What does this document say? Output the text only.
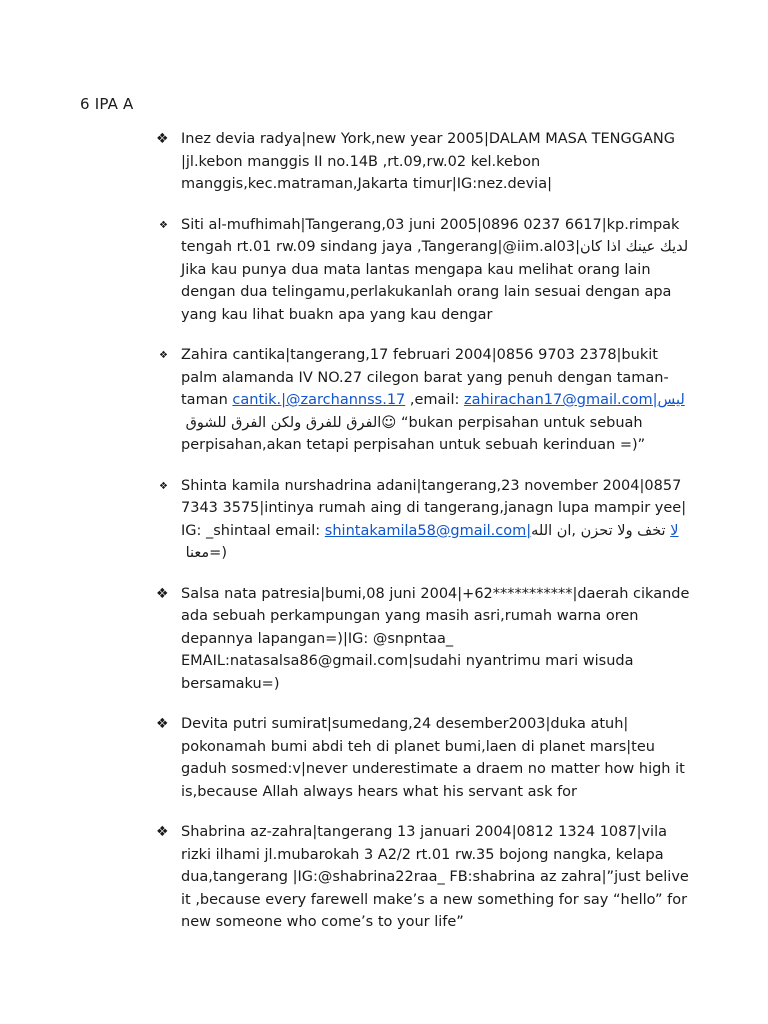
6 IPA A
❖ Inez devia radya|new York,new year 2005|DALAM MASA TENGGANG |jl.kebon manggis II no.14B ,rt.09,rw.02 kel.kebon manggis,kec.matraman,Jakarta timur|IG:nez.devia|
❖ Siti al-mufhimah|Tangerang,03 juni 2005|0896 0237 6617|kp.rimpak tengah rt.01 rw.09 sindang jaya ,Tangerang|@iim.al03|لديك عينك اذا كان Jika kau punya dua mata lantas mengapa kau melihat orang lain dengan dua telingamu,perlakukanlah orang lain sesuai dengan apa yang kau lihat buakn apa yang kau dengar
❖ Zahira cantika|tangerang,17 februari 2004|0856 9703 2378|bukit palm alamanda IV NO.27 cilegon barat yang penuh dengan taman-taman cantik.|@zarchannss.17 ,email: zahirachan17@gmail.com|ليس الفرق للفرق ولكن الفرق للشوق ☺ “bukan perpisahan untuk sebuah perpisahan,akan tetapi perpisahan untuk sebuah kerinduan =)”
❖ Shinta kamila nurshadrina adani|tangerang,23 november 2004|0857 7343 3575|intinya rumah aing di tangerang,janagn lupa mampir yee| IG: _shintaal email: shintakamila58@gmail.com|	لا تخف ولا تحزن ,ان الله معنا =)
❖ Salsa nata patresia|bumi,08 juni 2004|+62***********|daerah cikande ada sebuah perkampungan yang masih asri,rumah warna oren depannya lapangan=)|IG: @snpntaa_ EMAIL:natasalsa86@gmail.com|sudahi nyantrimu mari wisuda bersamaku=)
❖ Devita putri sumirat|sumedang,24 desember2003|duka atuh| pokonamah bumi abdi teh di planet bumi,laen di planet mars|teu gaduh sosmed:v|never underestimate a draem no matter how high it is,because Allah always hears what his servant ask for
❖ Shabrina az-zahra|tangerang 13 januari 2004|0812 1324 1087|vila rizki ilhami jl.mubarokah 3 A2/2 rt.01 rw.35 bojong nangka, kelapa dua,tangerang |IG:@shabrina22raa_ FB:shabrina az zahra|”just belive it ,because every farewell make’s a new something for say “hello” for new someone who come’s to your life”
